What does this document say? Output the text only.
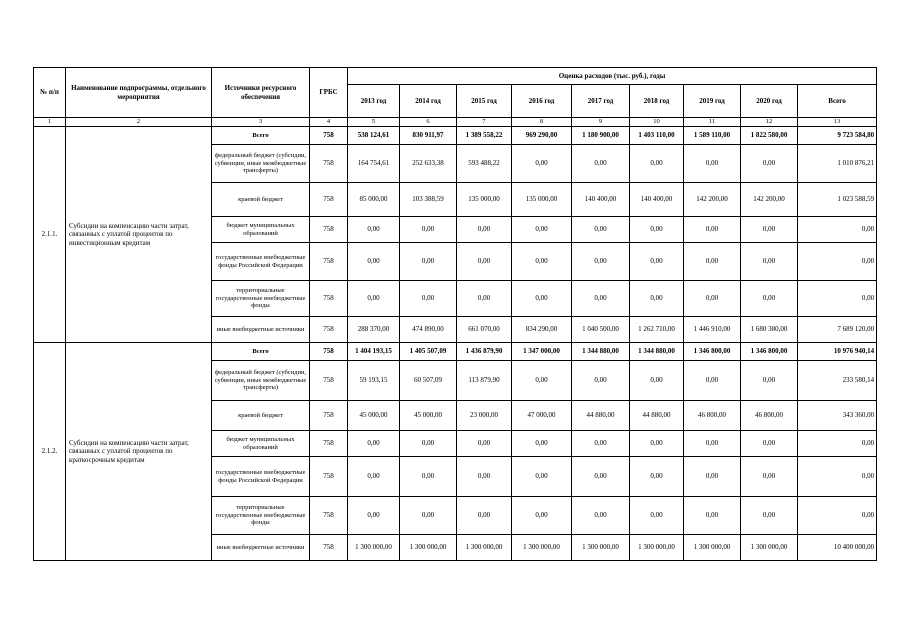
№ п/п	Наименование подпрограммы, отдельного мероприятия	Источники ресурсного обеспечения	ГРБС	Оценка расходов (тыс. руб.), годы								
				2013 год	2014 год	2015 год	2016 год	2017 год	2018 год	2019 год	2020 год	Всего
1	2	3	4	5	6	7	8	9	10	11	12	13
2.1.1.	Субсидии на компенсацию части затрат, связанных с уплатой процентов по инвестиционным кредитам	Всего	758	538 124,61	830 911,97	1 389 558,22	969 290,00	1 180 900,00	1 403 110,00	1 589 110,00	1 822 580,00	9 723 584,80
		федеральный бюджет (субсидии, субвенции, иные межбюджетные трансферты)	758	164 754,61	252 633,38	593 488,22	0,00	0,00	0,00	0,00	0,00	1 010 876,21
		краевой бюджет	758	85 000,00	103 388,59	135 000,00	135 000,00	140 400,00	140 400,00	142 200,00	142 200,00	1 023 588,59
		бюджет муниципальных образований	758	0,00	0,00	0,00	0,00	0,00	0,00	0,00	0,00	0,00
		государственные внебюджетные фонды Российской Федерации	758	0,00	0,00	0,00	0,00	0,00	0,00	0,00	0,00	0,00
		территориальные государственные внебюджетные фонды	758	0,00	0,00	0,00	0,00	0,00	0,00	0,00	0,00	0,00
		иные внебюджетные источники	758	288 370,00	474 890,00	661 070,00	834 290,00	1 040 500,00	1 262 710,00	1 446 910,00	1 680 380,00	7 689 120,00
2.1.2.	Субсидии на компенсацию части затрат, связанных с уплатой процентов по краткосрочным кредитам	Всего	758	1 404 193,15	1 405 507,09	1 436 879,90	1 347 000,00	1 344 880,00	1 344 880,00	1 346 800,00	1 346 800,00	10 976 940,14
		федеральный бюджет (субсидии, субвенции, иные межбюджетные трансферты)	758	59 193,15	60 507,09	113 879,90	0,00	0,00	0,00	0,00	0,00	233 580,14
		краевой бюджет	758	45 000,00	45 000,00	23 000,00	47 000,00	44 880,00	44 880,00	46 800,00	46 800,00	343 360,00
		бюджет муниципальных образований	758	0,00	0,00	0,00	0,00	0,00	0,00	0,00	0,00	0,00
		государственные внебюджетные фонды Российской Федерации	758	0,00	0,00	0,00	0,00	0,00	0,00	0,00	0,00	0,00
		территориальные государственные внебюджетные фонды	758	0,00	0,00	0,00	0,00	0,00	0,00	0,00	0,00	0,00
		иные внебюджетные источники	758	1 300 000,00	1 300 000,00	1 300 000,00	1 300 000,00	1 300 000,00	1 300 000,00	1 300 000,00	1 300 000,00	10 400 000,00
